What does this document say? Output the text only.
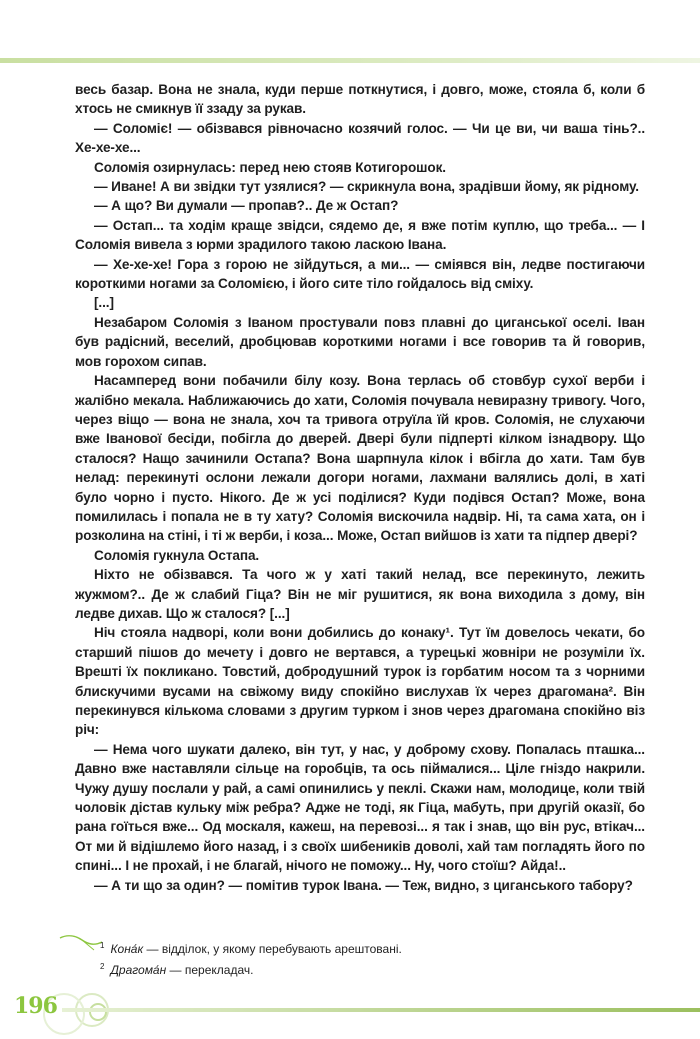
весь базар. Вона не знала, куди перше поткнутися, і довго, може, стояла б, коли б хтось не смикнув її ззаду за рукав.

— Соломіє! — обізвався рівночасно козячий голос. — Чи це ви, чи ваша тінь?.. Хе-хе-хе...

Соломія озирнулась: перед нею стояв Котигорошок.

— Иване! А ви звідки тут узялися? — скрикнула вона, зрадівши йому, як рідному.

— А що? Ви думали — пропав?.. Де ж Остап?

— Остап... та ходім краще звідси, сядемо де, я вже потім куплю, що треба... — І Соломія вивела з юрми зрадилого такою ласкою Івана.

— Хе-хе-хе! Гора з горою не зійдуться, а ми... — сміявся він, ледве постигаючи короткими ногами за Соломією, і його сите тіло гойдалось від сміху.

[...]

Незабаром Соломія з Іваном простували повз плавні до циганської оселі. Іван був радісний, веселий, дробцював короткими ногами і все говорив та й говорив, мов горохом сипав.

Насамперед вони побачили білу козу. Вона терлась об стовбур сухої верби і жалібно мекала. Наближаючись до хати, Соломія почувала невиразну тривогу. Чого, через віщо — вона не знала, хоч та тривога отруїла їй кров. Соломія, не слухаючи вже Іванової бесіди, побігла до дверей. Двері були підперті кілком ізнадвору. Що сталося? Нащо зачинили Остапа? Вона шарпнула кілок і вбігла до хати. Там був нелад: перекинуті ослони лежали догори ногами, лахмани валялись долі, в хаті було чорно і пусто. Нікого. Де ж усі поділися? Куди подівся Остап? Може, вона помилилась і попала не в ту хату? Соломія вискочила надвір. Ні, та сама хата, он і розколина на стіні, і ті ж верби, і коза... Може, Остап вийшов із хати та підпер двері?

Соломія гукнула Остапа.

Ніхто не обізвався. Та чого ж у хаті такий нелад, все перекинуто, лежить жужмом?.. Де ж слабий Гіца? Він не міг рушитися, як вона виходила з дому, він ледве дихав. Що ж сталося? [...]

Ніч стояла надворі, коли вони добились до конаку¹. Тут їм довелось чекати, бо старший пішов до мечету і довго не вертався, а турецькі жовніри не розуміли їх. Врешті їх покликано. Товстий, добродушний турок із горбатим носом та з чорними блискучими вусами на свіжому виду спокійно вислухав їх через драгомана². Він перекинувся кількома словами з другим турком і знов через драгомана спокійно віз річ:

— Нема чого шукати далеко, він тут, у нас, у доброму схову. Попалась пташка... Давно вже наставляли сільце на горобців, та ось піймалися... Ціле гніздо накрили. Чужу душу послали у рай, а самі опинились у пеклі. Скажи нам, молодице, коли твій чоловік дістав кульку між ребра? Адже не тоді, як Гіца, мабуть, при другій оказії, бо рана гоїться вже... Од москаля, кажеш, на перевозі... я так і знав, що він рус, втікач... От ми й відішлемо його назад, і з своїх шибеників доволі, хай там погладять його по спині... І не прохай, і не благай, нічого не поможу... Ну, чого стоїш? Айда!..

— А ти що за один? — помітив турок Івана. — Теж, видно, з циганського табору?

$^1$ Кона́к — відділок, у якому перебувають арештовані.

$^2$ Драгома́н — перекладач.

196
